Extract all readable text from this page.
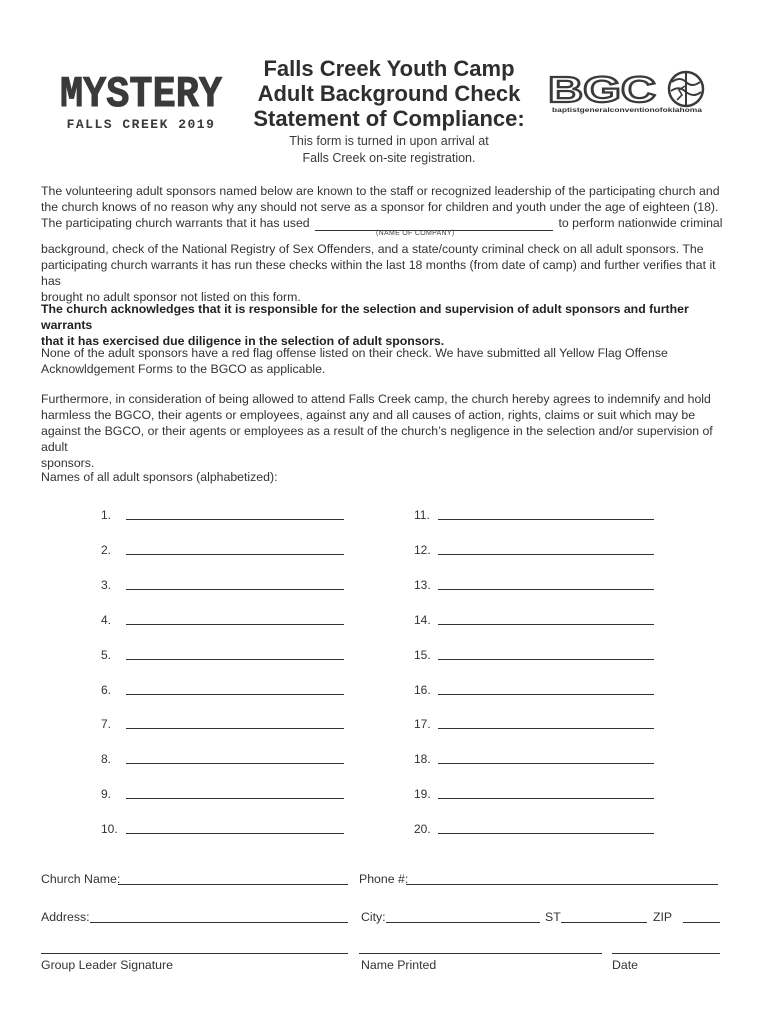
MYSTERY
FALLS CREEK 2019
Falls Creek Youth Camp
Adult Background Check
Statement of Compliance:
BGC
baptistgeneralconventionofoklahoma
This form is turned in upon arrival at
Falls Creek on-site registration.
The volunteering adult sponsors named below are known to the staff or recognized leadership of the participating church and
the church knows of no reason why any should not serve as a sponsor for children and youth under the age of eighteen (18).
The participating church warrants that it has used	to perform nationwide criminal
(NAME OF COMPANY)
background, check of the National Registry of Sex Offenders, and a state/county criminal check on all adult sponsors. The
participating church warrants it has run these checks within the last 18 months (from date of camp) and further verifies that it has
brought no adult sponsor not listed on this form.
The church acknowledges that it is responsible for the selection and supervision of adult sponsors and further warrants
that it has exercised due diligence in the selection of adult sponsors.
None of the adult sponsors have a red flag offense listed on their check. We have submitted all Yellow Flag Offense
Acknowldgement Forms to the BGCO as applicable.
Furthermore, in consideration of being allowed to attend Falls Creek camp, the church hereby agrees to indemnify and hold
harmless the BGCO, their agents or employees, against any and all causes of action, rights, claims or suit which may be
against the BGCO, or their agents or employees as a result of the church’s negligence in the selection and/or supervision of adult
sponsors.
Names of all adult sponsors (alphabetized):
1.
2.
3.
4.
5.
6.
7.
8.
9.
10.
11.
12.
13.
14.
15.
16.
17.
18.
19.
20.
Church Name:	Phone #:
Address:	City:	ST	ZIP
Group Leader Signature	Name Printed	Date
